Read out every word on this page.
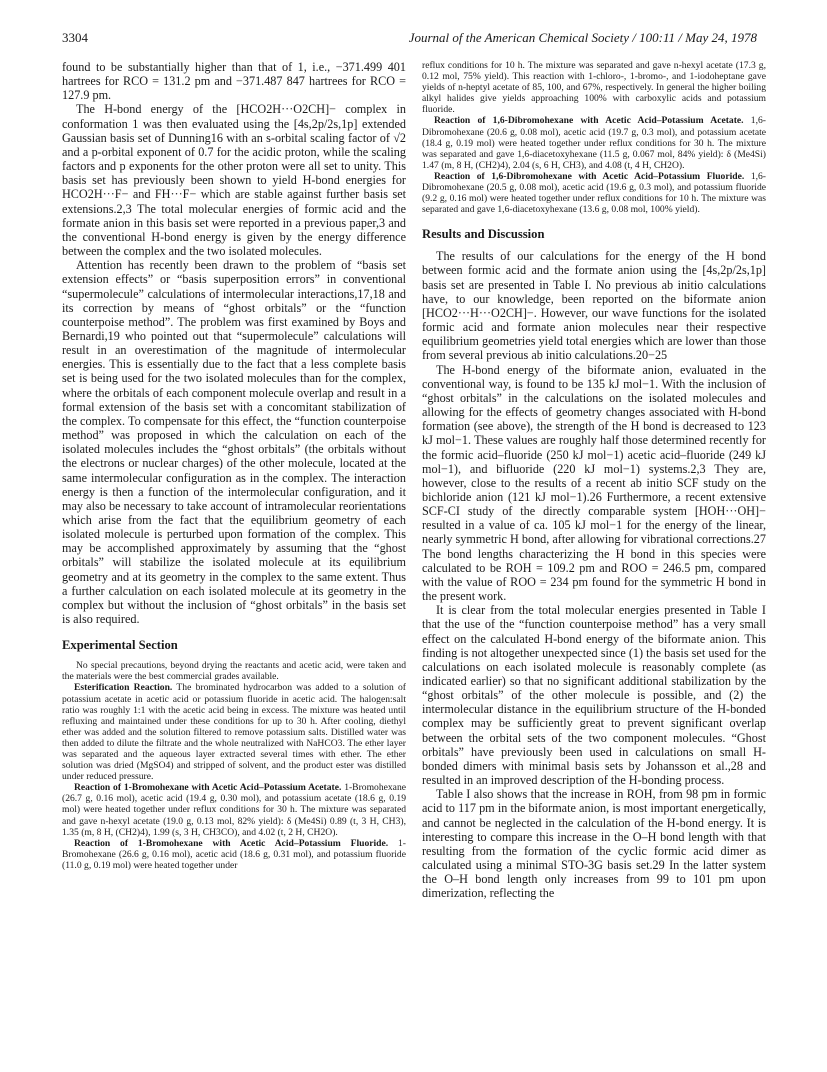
3304	Journal of the American Chemical Society / 100:11 / May 24, 1978

found to be substantially higher than that of 1, i.e., −371.499 401 hartrees for RCO = 131.2 pm and −371.487 847 hartrees for RCO = 127.9 pm.

The H-bond energy of the [HCO2H···O2CH]− complex in conformation 1 was then evaluated using the [4s,2p/2s,1p] extended Gaussian basis set of Dunning16 with an s-orbital scaling factor of √2 and a p-orbital exponent of 0.7 for the acidic proton, while the scaling factors and p exponents for the other proton were all set to unity. This basis set has previously been shown to yield H-bond energies for HCO2H···F− and FH···F− which are stable against further basis set extensions.2,3 The total molecular energies of formic acid and the formate anion in this basis set were reported in a previous paper,3 and the conventional H-bond energy is given by the energy difference between the complex and the two isolated molecules.

Attention has recently been drawn to the problem of “basis set extension effects” or “basis superposition errors” in conventional “supermolecule” calculations of intermolecular interactions,17,18 and its correction by means of “ghost orbitals” or the “function counterpoise method”. The problem was first examined by Boys and Bernardi,19 who pointed out that “supermolecule” calculations will result in an overestimation of the magnitude of intermolecular energies. This is essentially due to the fact that a less complete basis set is being used for the two isolated molecules than for the complex, where the orbitals of each component molecule overlap and result in a formal extension of the basis set with a concomitant stabilization of the complex. To compensate for this effect, the “function counterpoise method” was proposed in which the calculation on each of the isolated molecules includes the “ghost orbitals” (the orbitals without the electrons or nuclear charges) of the other molecule, located at the same intermolecular configuration as in the complex. The interaction energy is then a function of the intermolecular configuration, and it may also be necessary to take account of intramolecular reorientations which arise from the fact that the equilibrium geometry of each isolated molecule is perturbed upon formation of the complex. This may be accomplished approximately by assuming that the “ghost orbitals” will stabilize the isolated molecule at its equilibrium geometry and at its geometry in the complex to the same extent. Thus a further calculation on each isolated molecule at its geometry in the complex but without the inclusion of “ghost orbitals” in the basis set is also required.

Experimental Section

No special precautions, beyond drying the reactants and acetic acid, were taken and the materials were the best commercial grades available.

Esterification Reaction. The brominated hydrocarbon was added to a solution of potassium acetate in acetic acid or potassium fluoride in acetic acid. The halogen:salt ratio was roughly 1:1 with the acetic acid being in excess. The mixture was heated until refluxing and maintained under these conditions for up to 30 h. After cooling, diethyl ether was added and the solution filtered to remove potassium salts. Distilled water was then added to dilute the filtrate and the whole neutralized with NaHCO3. The ether layer was separated and the aqueous layer extracted several times with ether. The ether solution was dried (MgSO4) and stripped of solvent, and the product ester was distilled under reduced pressure.

Reaction of 1-Bromohexane with Acetic Acid–Potassium Acetate. 1-Bromohexane (26.7 g, 0.16 mol), acetic acid (19.4 g, 0.30 mol), and potassium acetate (18.6 g, 0.19 mol) were heated together under reflux conditions for 30 h. The mixture was separated and gave n-hexyl acetate (19.0 g, 0.13 mol, 82% yield): δ (Me4Si) 0.89 (t, 3 H, CH3), 1.35 (m, 8 H, (CH2)4), 1.99 (s, 3 H, CH3CO), and 4.02 (t, 2 H, CH2O).

Reaction of 1-Bromohexane with Acetic Acid–Potassium Fluoride. 1-Bromohexane (26.6 g, 0.16 mol), acetic acid (18.6 g, 0.31 mol), and potassium fluoride (11.0 g, 0.19 mol) were heated together under

reflux conditions for 10 h. The mixture was separated and gave n-hexyl acetate (17.3 g, 0.12 mol, 75% yield). This reaction with 1-chloro-, 1-bromo-, and 1-iodoheptane gave yields of n-heptyl acetate of 85, 100, and 67%, respectively. In general the higher boiling alkyl halides give yields approaching 100% with carboxylic acids and potassium fluoride.

Reaction of 1,6-Dibromohexane with Acetic Acid–Potassium Acetate. 1,6-Dibromohexane (20.6 g, 0.08 mol), acetic acid (19.7 g, 0.3 mol), and potassium acetate (18.4 g, 0.19 mol) were heated together under reflux conditions for 30 h. The mixture was separated and gave 1,6-diacetoxyhexane (11.5 g, 0.067 mol, 84% yield): δ (Me4Si) 1.47 (m, 8 H, (CH2)4), 2.04 (s, 6 H, CH3), and 4.08 (t, 4 H, CH2O).

Reaction of 1,6-Dibromohexane with Acetic Acid–Potassium Fluoride. 1,6-Dibromohexane (20.5 g, 0.08 mol), acetic acid (19.6 g, 0.3 mol), and potassium fluoride (9.2 g, 0.16 mol) were heated together under reflux conditions for 10 h. The mixture was separated and gave 1,6-diacetoxyhexane (13.6 g, 0.08 mol, 100% yield).

Results and Discussion

The results of our calculations for the energy of the H bond between formic acid and the formate anion using the [4s,2p/2s,1p] basis set are presented in Table I. No previous ab initio calculations have, to our knowledge, been reported on the biformate anion [HCO2···H···O2CH]−. However, our wave functions for the isolated formic acid and formate anion molecules near their respective equilibrium geometries yield total energies which are lower than those from several previous ab initio calculations.20−25

The H-bond energy of the biformate anion, evaluated in the conventional way, is found to be 135 kJ mol−1. With the inclusion of “ghost orbitals” in the calculations on the isolated molecules and allowing for the effects of geometry changes associated with H-bond formation (see above), the strength of the H bond is decreased to 123 kJ mol−1. These values are roughly half those determined recently for the formic acid–fluoride (250 kJ mol−1) acetic acid–fluoride (249 kJ mol−1), and bifluoride (220 kJ mol−1) systems.2,3 They are, however, close to the results of a recent ab initio SCF study on the bichloride anion (121 kJ mol−1).26 Furthermore, a recent extensive SCF-CI study of the directly comparable system [HOH···OH]− resulted in a value of ca. 105 kJ mol−1 for the energy of the linear, nearly symmetric H bond, after allowing for vibrational corrections.27 The bond lengths characterizing the H bond in this species were calculated to be ROH = 109.2 pm and ROO = 246.5 pm, compared with the value of ROO = 234 pm found for the symmetric H bond in the present work.

It is clear from the total molecular energies presented in Table I that the use of the “function counterpoise method” has a very small effect on the calculated H-bond energy of the biformate anion. This finding is not altogether unexpected since (1) the basis set used for the calculations on each isolated molecule is reasonably complete (as indicated earlier) so that no significant additional stabilization by the “ghost orbitals” of the other molecule is possible, and (2) the intermolecular distance in the equilibrium structure of the H-bonded complex may be sufficiently great to prevent significant overlap between the orbital sets of the two component molecules. “Ghost orbitals” have previously been used in calculations on small H-bonded dimers with minimal basis sets by Johansson et al.,28 and resulted in an improved description of the H-bonding process.

Table I also shows that the increase in ROH, from 98 pm in formic acid to 117 pm in the biformate anion, is most important energetically, and cannot be neglected in the calculation of the H-bond energy. It is interesting to compare this increase in the O–H bond length with that resulting from the formation of the cyclic formic acid dimer as calculated using a minimal STO-3G basis set.29 In the latter system the O–H bond length only increases from 99 to 101 pm upon dimerization, reflecting the
